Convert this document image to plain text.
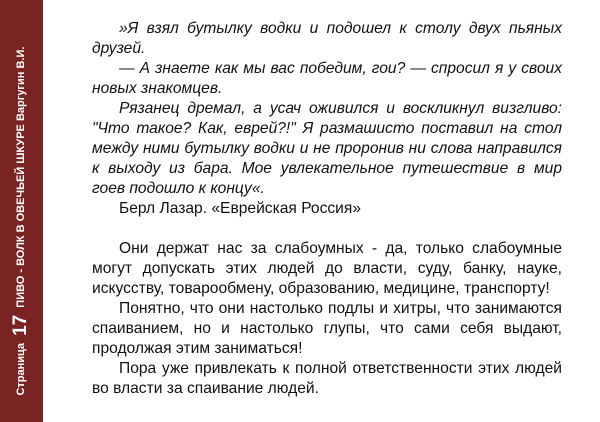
Страница 17 ПИВО - ВОЛК В ОВЕЧЬЕЙ ШКУРЕ Варгугин В.И.

»Я взял бутылку водки и подошел к столу двух пьяных друзей.

— А знаете как мы вас победим, гои? — спросил я у своих новых знакомцев.

Рязанец дремал, а усач оживился и воскликнул визгливо: "Что такое? Как, еврей?!" Я размашисто поставил на стол между ними бутылку водки и не проронив ни слова направился к выходу из бара. Мое увлекательное путешествие в мир гоев подошло к концу«.

Берл Лазар. «Еврейская Россия»

Они держат нас за слабоумных - да, только слабоумные могут допускать этих людей до власти, суду, банку, науке, искусству, товарообмену, образованию, медицине, транспорту!

Понятно, что они настолько подлы и хитры, что занимаются спаиванием, но и настолько глупы, что сами себя выдают, продолжая этим заниматься!

Пора уже привлекать к полной ответственности этих людей во власти за спаивание людей.
